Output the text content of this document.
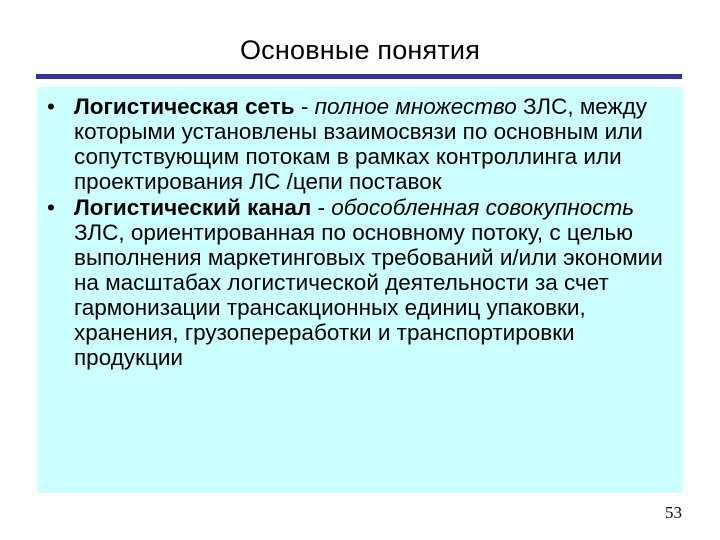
Основные понятия
• Логистическая сеть - полное множество ЗЛС, между которыми установлены взаимосвязи по основным или сопутствующим потокам в рамках контроллинга или проектирования ЛС /цепи поставок
• Логистический канал - обособленная совокупность ЗЛС, ориентированная по основному потоку, с целью выполнения маркетинговых требований и/или экономии на масштабах логистической деятельности за счет гармонизации трансакционных единиц упаковки, хранения, грузопереработки и транспортировки продукции
53
